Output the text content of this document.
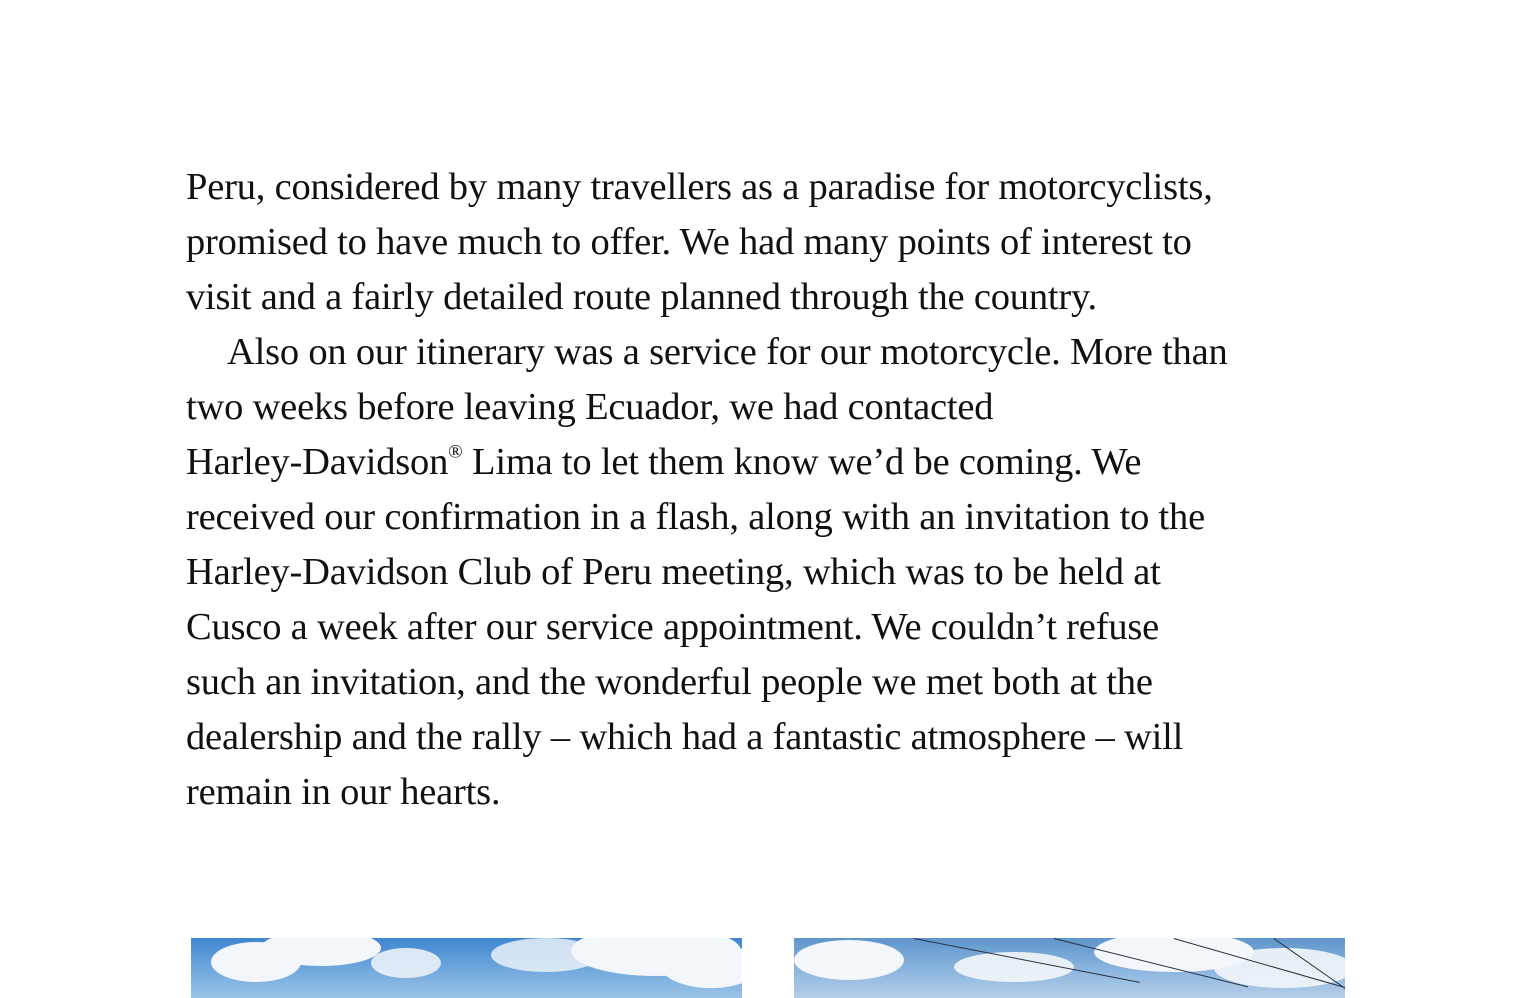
Peru, considered by many travellers as a paradise for motorcyclists,
promised to have much to offer. We had many points of interest to
visit and a fairly detailed route planned through the country.
Also on our itinerary was a service for our motorcycle. More than
two weeks before leaving Ecuador, we had contacted
Harley-Davidson® Lima to let them know we’d be coming. We
received our confirmation in a flash, along with an invitation to the
Harley-Davidson Club of Peru meeting, which was to be held at
Cusco a week after our service appointment. We couldn’t refuse
such an invitation, and the wonderful people we met both at the
dealership and the rally – which had a fantastic atmosphere – will
remain in our hearts.
